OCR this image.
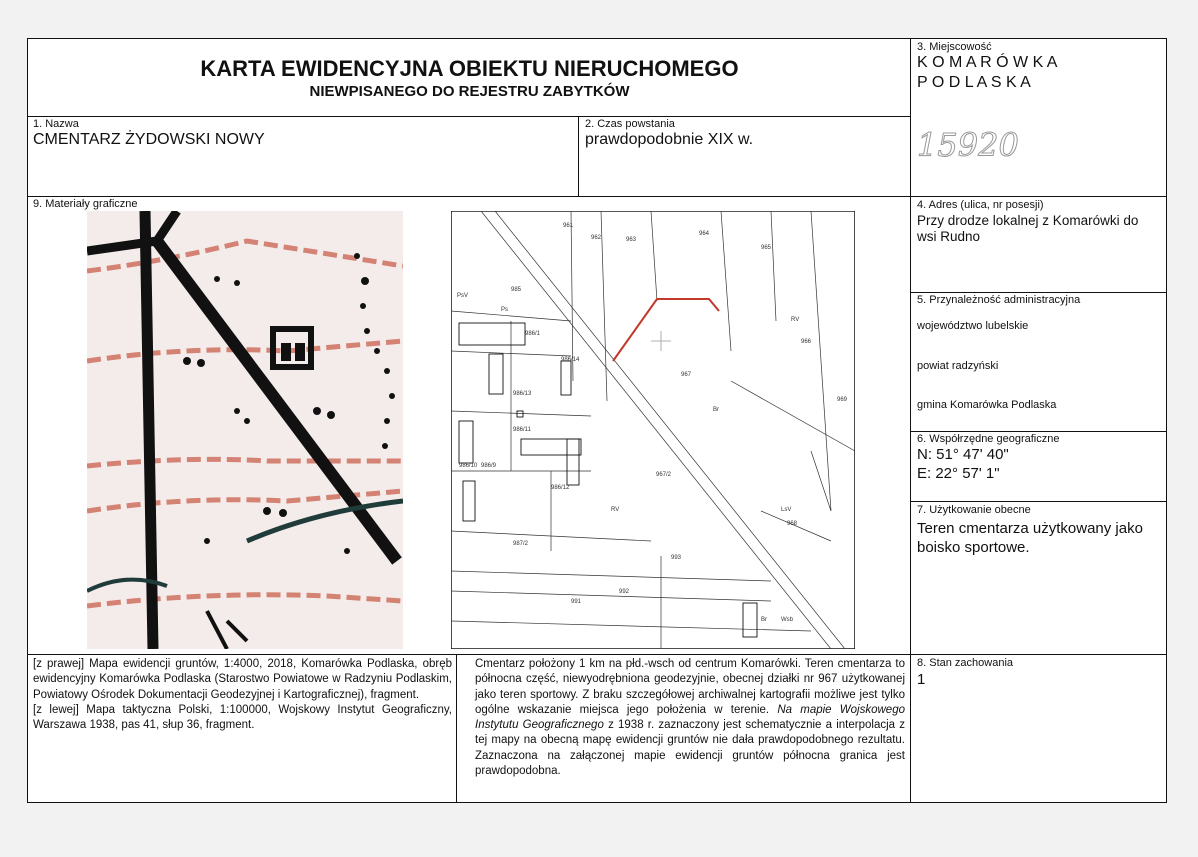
KARTA EWIDENCYJNA OBIEKTU NIERUCHOMEGO
NIEWPISANEGO DO REJESTRU ZABYTKÓW
3. Miejscowość
K O M A R Ó W K A
P O D L A S K A
15920
1. Nazwa
CMENTARZ ŻYDOWSKI NOWY
2. Czas powstania
prawdopodobnie XIX w.
9. Materiały graficzne
961
962	963
964
965
PsV
Ps
985
986/1
986/14
986/13
986/11
986/10 986/9
986/12
987/2
967
967/2
Br
LsV
968
969
993
992
991
RV
Wsb
Br
RV
966
4. Adres (ulica, nr posesji)
Przy drodze lokalnej z Komarówki do wsi Rudno
5. Przynależność administracyjna
województwo lubelskie
powiat radzyński
gmina Komarówka Podlaska
6. Współrzędne geograficzne
N: 51° 47' 40"
E: 22° 57' 1"
7. Użytkowanie obecne
Teren cmentarza użytkowany jako boisko sportowe.
8. Stan zachowania
1
[z prawej] Mapa ewidencji gruntów, 1:4000, 2018, Komarówka Podlaska, obręb ewidencyjny Komarówka Podlaska (Starostwo Powiatowe w Radzyniu Podlaskim, Powiatowy Ośrodek Dokumentacji Geodezyjnej i Kartograficznej), fragment.
[z lewej] Mapa taktyczna Polski, 1:100000, Wojskowy Instytut Geograficzny, Warszawa 1938, pas 41, słup 36, fragment.
Cmentarz położony 1 km na płd.-wsch od centrum Komarówki. Teren cmentarza to północna część, niewyodrębniona geodezyjnie, obecnej działki nr 967 użytkowanej jako teren sportowy. Z braku szczegółowej archiwalnej kartografii możliwe jest tylko ogólne wskazanie miejsca jego położenia w terenie. Na mapie Wojskowego Instytutu Geograficznego z 1938 r. zaznaczony jest schematycznie a interpolacja z tej mapy na obecną mapę ewidencji gruntów nie dała prawdopodobnego rezultatu. Zaznaczona na załączonej mapie ewidencji gruntów północna granica jest prawdopodobna.
